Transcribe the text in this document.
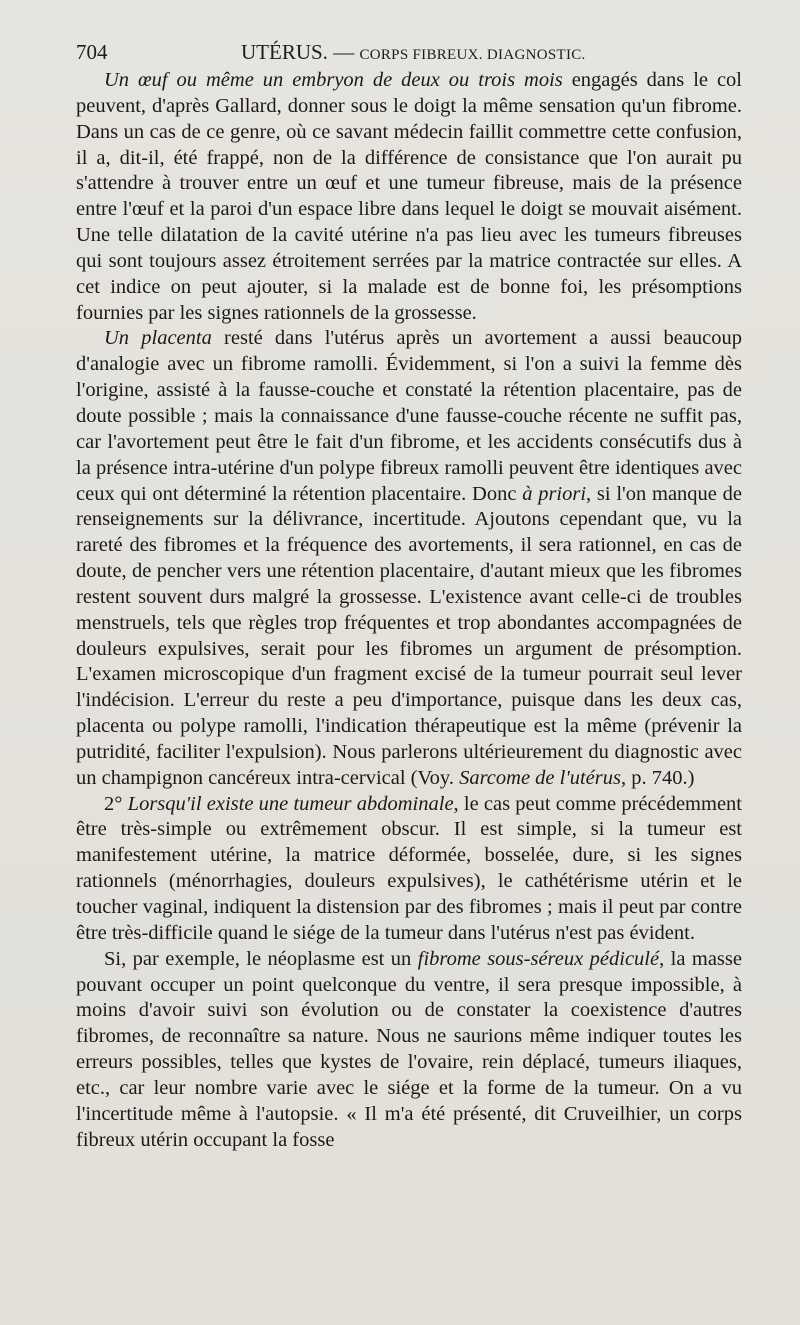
704	UTÉRUS. — CORPS FIBREUX. DIAGNOSTIC.

Un œuf ou même un embryon de deux ou trois mois engagés dans le col peuvent, d'après Gallard, donner sous le doigt la même sensation qu'un fibrome. Dans un cas de ce genre, où ce savant médecin faillit commettre cette confusion, il a, dit-il, été frappé, non de la différence de consistance que l'on aurait pu s'attendre à trouver entre un œuf et une tumeur fibreuse, mais de la présence entre l'œuf et la paroi d'un espace libre dans lequel le doigt se mouvait aisément. Une telle dilatation de la cavité utérine n'a pas lieu avec les tumeurs fibreuses qui sont toujours assez étroitement serrées par la matrice contractée sur elles. A cet indice on peut ajouter, si la malade est de bonne foi, les présomptions fournies par les signes rationnels de la grossesse.

Un placenta resté dans l'utérus après un avortement a aussi beaucoup d'analogie avec un fibrome ramolli. Évidemment, si l'on a suivi la femme dès l'origine, assisté à la fausse-couche et constaté la rétention placentaire, pas de doute possible ; mais la connaissance d'une fausse-couche récente ne suffit pas, car l'avortement peut être le fait d'un fibrome, et les accidents consécutifs dus à la présence intra-utérine d'un polype fibreux ramolli peuvent être identiques avec ceux qui ont déterminé la rétention placentaire. Donc à priori, si l'on manque de renseignements sur la délivrance, incertitude. Ajoutons cependant que, vu la rareté des fibromes et la fréquence des avortements, il sera rationnel, en cas de doute, de pencher vers une rétention placentaire, d'autant mieux que les fibromes restent souvent durs malgré la grossesse. L'existence avant celle-ci de troubles menstruels, tels que règles trop fréquentes et trop abondantes accompagnées de douleurs expulsives, serait pour les fibromes un argument de présomption. L'examen microscopique d'un fragment excisé de la tumeur pourrait seul lever l'indécision. L'erreur du reste a peu d'importance, puisque dans les deux cas, placenta ou polype ramolli, l'indication thérapeutique est la même (prévenir la putridité, faciliter l'expulsion). Nous parlerons ultérieurement du diagnostic avec un champignon cancéreux intra-cervical (Voy. Sarcome de l'utérus, p. 740.)

2° Lorsqu'il existe une tumeur abdominale, le cas peut comme précédemment être très-simple ou extrêmement obscur. Il est simple, si la tumeur est manifestement utérine, la matrice déformée, bosselée, dure, si les signes rationnels (ménorrhagies, douleurs expulsives), le cathétérisme utérin et le toucher vaginal, indiquent la distension par des fibromes ; mais il peut par contre être très-difficile quand le siége de la tumeur dans l'utérus n'est pas évident.

Si, par exemple, le néoplasme est un fibrome sous-séreux pédiculé, la masse pouvant occuper un point quelconque du ventre, il sera presque impossible, à moins d'avoir suivi son évolution ou de constater la coexistence d'autres fibromes, de reconnaître sa nature. Nous ne saurions même indiquer toutes les erreurs possibles, telles que kystes de l'ovaire, rein déplacé, tumeurs iliaques, etc., car leur nombre varie avec le siége et la forme de la tumeur. On a vu l'incertitude même à l'autopsie. « Il m'a été présenté, dit Cruveilhier, un corps fibreux utérin occupant la fosse
